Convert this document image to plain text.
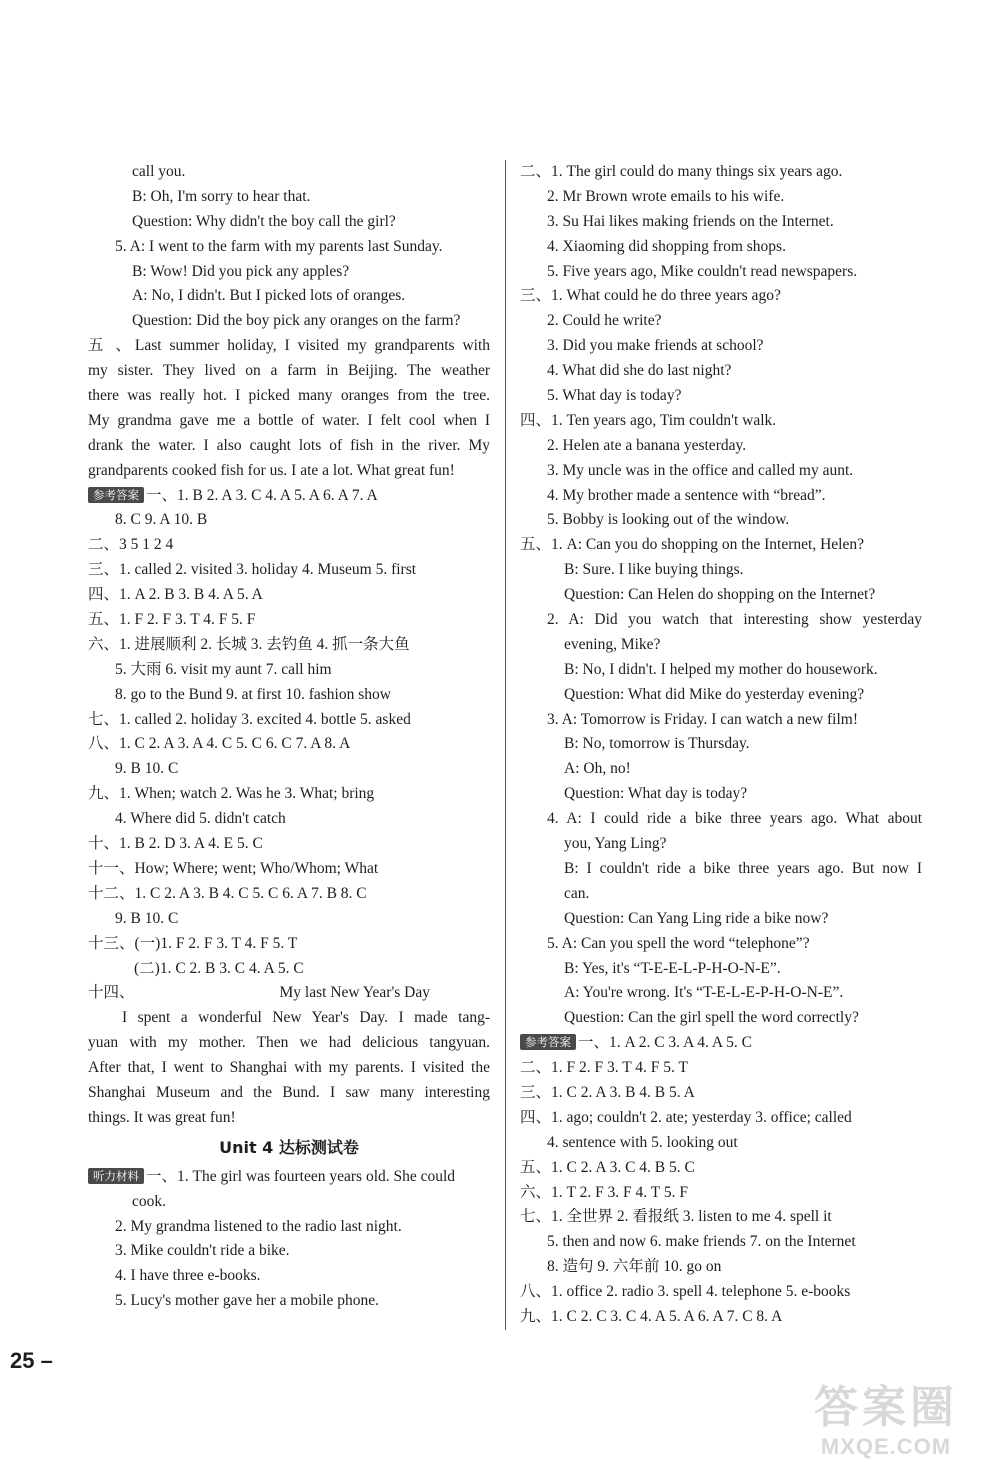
call you.
B: Oh, I'm sorry to hear that.
Question: Why didn't the boy call the girl?
5. A: I went to the farm with my parents last Sunday.
B: Wow! Did you pick any apples?
A: No, I didn't. But I picked lots of oranges.
Question: Did the boy pick any oranges on the farm?
五 、Last summer holiday, I visited my grandparents with
my sister. They lived on a farm in Beijing. The weather
there was really hot. I picked many oranges from the tree.
My grandma gave me a bottle of water. I felt cool when I
drank the water. I also caught lots of fish in the river. My
grandparents cooked fish for us. I ate a lot. What great fun!
参考答案 一、1. B 2. A 3. C 4. A 5. A 6. A 7. A
8. C 9. A 10. B
二、3 5 1 2 4
三、1. called 2. visited 3. holiday 4. Museum 5. first
四、1. A 2. B 3. B 4. A 5. A
五、1. F 2. F 3. T 4. F 5. F
六、1. 进展顺利 2. 长城 3. 去钓鱼 4. 抓一条大鱼
5. 大雨 6. visit my aunt 7. call him
8. go to the Bund 9. at first 10. fashion show
七、1. called 2. holiday 3. excited 4. bottle 5. asked
八、1. C 2. A 3. A 4. C 5. C 6. C 7. A 8. A
9. B 10. C
九、1. When; watch 2. Was he 3. What; bring
4. Where did 5. didn't catch
十、1. B 2. D 3. A 4. E 5. C
十一、How; Where; went; Who/Whom; What
十二、1. C 2. A 3. B 4. C 5. C 6. A 7. B 8. C
9. B 10. C
十三、(一)1. F 2. F 3. T 4. F 5. T
(二)1. C 2. B 3. C 4. A 5. C
十四、	My last New Year's Day
I spent a wonderful New Year's Day. I made tang-
yuan with my mother. Then we had delicious tangyuan.
After that, I went to Shanghai with my parents. I visited the
Shanghai Museum and the Bund. I saw many interesting
things. It was great fun!
Unit 4 达标测试卷
听力材料 一、1. The girl was fourteen years old. She could
cook.
2. My grandma listened to the radio last night.
3. Mike couldn't ride a bike.
4. I have three e-books.
5. Lucy's mother gave her a mobile phone.
二、1. The girl could do many things six years ago.
2. Mr Brown wrote emails to his wife.
3. Su Hai likes making friends on the Internet.
4. Xiaoming did shopping from shops.
5. Five years ago, Mike couldn't read newspapers.
三、1. What could he do three years ago?
2. Could he write?
3. Did you make friends at school?
4. What did she do last night?
5. What day is today?
四、1. Ten years ago, Tim couldn't walk.
2. Helen ate a banana yesterday.
3. My uncle was in the office and called my aunt.
4. My brother made a sentence with “bread”.
5. Bobby is looking out of the window.
五、1. A: Can you do shopping on the Internet, Helen?
B: Sure. I like buying things.
Question: Can Helen do shopping on the Internet?
2. A: Did you watch that interesting show yesterday
evening, Mike?
B: No, I didn't. I helped my mother do housework.
Question: What did Mike do yesterday evening?
3. A: Tomorrow is Friday. I can watch a new film!
B: No, tomorrow is Thursday.
A: Oh, no!
Question: What day is today?
4. A: I could ride a bike three years ago. What about
you, Yang Ling?
B: I couldn't ride a bike three years ago. But now I
can.
Question: Can Yang Ling ride a bike now?
5. A: Can you spell the word “telephone”?
B: Yes, it's “T-E-E-L-P-H-O-N-E”.
A: You're wrong. It's “T-E-L-E-P-H-O-N-E”.
Question: Can the girl spell the word correctly?
参考答案 一、1. A 2. C 3. A 4. A 5. C
二、1. F 2. F 3. T 4. F 5. T
三、1. C 2. A 3. B 4. B 5. A
四、1. ago; couldn't 2. ate; yesterday 3. office; called
4. sentence with 5. looking out
五、1. C 2. A 3. C 4. B 5. C
六、1. T 2. F 3. F 4. T 5. F
七、1. 全世界 2. 看报纸 3. listen to me 4. spell it
5. then and now 6. make friends 7. on the Internet
8. 造句 9. 六年前 10. go on
八、1. office 2. radio 3. spell 4. telephone 5. e-books
九、1. C 2. C 3. C 4. A 5. A 6. A 7. C 8. A
25 –
答案圈
MXQE.COM
